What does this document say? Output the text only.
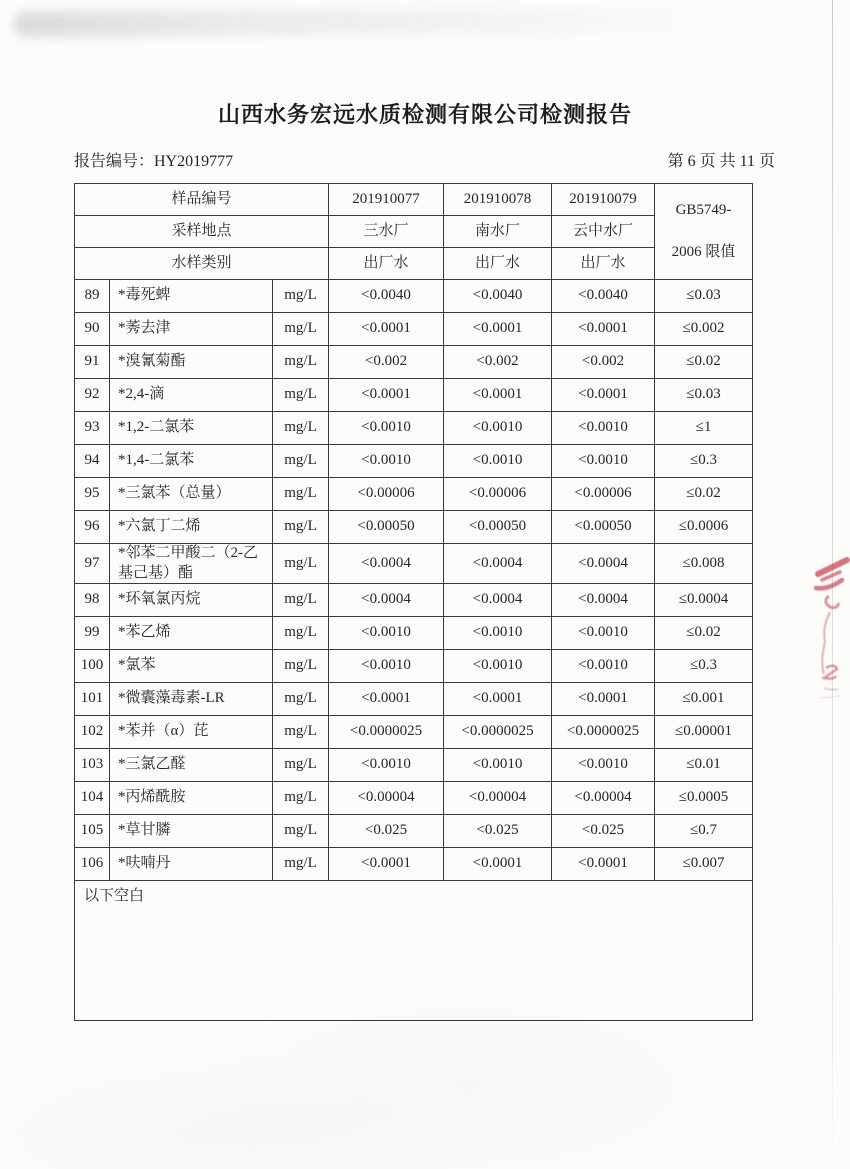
山西水务宏远水质检测有限公司检测报告
报告编号：HY2019777	第 6 页 共 11 页
样品编号			201910077	201910078	201910079	GB5749-
2006 限值

采样地点			三水厂	南水厂	云中水厂	
水样类别			出厂水	出厂水	出厂水	
89	*毒死蜱	mg/L	<0.0040	<0.0040	<0.0040	≤0.03
90	*莠去津	mg/L	<0.0001	<0.0001	<0.0001	≤0.002
91	*溴氰菊酯	mg/L	<0.002	<0.002	<0.002	≤0.02
92	*2,4-滴	mg/L	<0.0001	<0.0001	<0.0001	≤0.03
93	*1,2-二氯苯	mg/L	<0.0010	<0.0010	<0.0010	≤1
94	*1,4-二氯苯	mg/L	<0.0010	<0.0010	<0.0010	≤0.3
95	*三氯苯（总量）	mg/L	<0.00006	<0.00006	<0.00006	≤0.02
96	*六氯丁二烯	mg/L	<0.00050	<0.00050	<0.00050	≤0.0006
97	*邻苯二甲酸二（2-乙基己基）酯	mg/L	<0.0004	<0.0004	<0.0004	≤0.008
98	*环氧氯丙烷	mg/L	<0.0004	<0.0004	<0.0004	≤0.0004
99	*苯乙烯	mg/L	<0.0010	<0.0010	<0.0010	≤0.02
100	*氯苯	mg/L	<0.0010	<0.0010	<0.0010	≤0.3
101	*微囊藻毒素-LR	mg/L	<0.0001	<0.0001	<0.0001	≤0.001
102	*苯并（α）芘	mg/L	<0.0000025	<0.0000025	<0.0000025	≤0.00001
103	*三氯乙醛	mg/L	<0.0010	<0.0010	<0.0010	≤0.01
104	*丙烯酰胺	mg/L	<0.00004	<0.00004	<0.00004	≤0.0005
105	*草甘膦	mg/L	<0.025	<0.025	<0.025	≤0.7
106	*呋喃丹	mg/L	<0.0001	<0.0001	<0.0001	≤0.007
以下空白						
